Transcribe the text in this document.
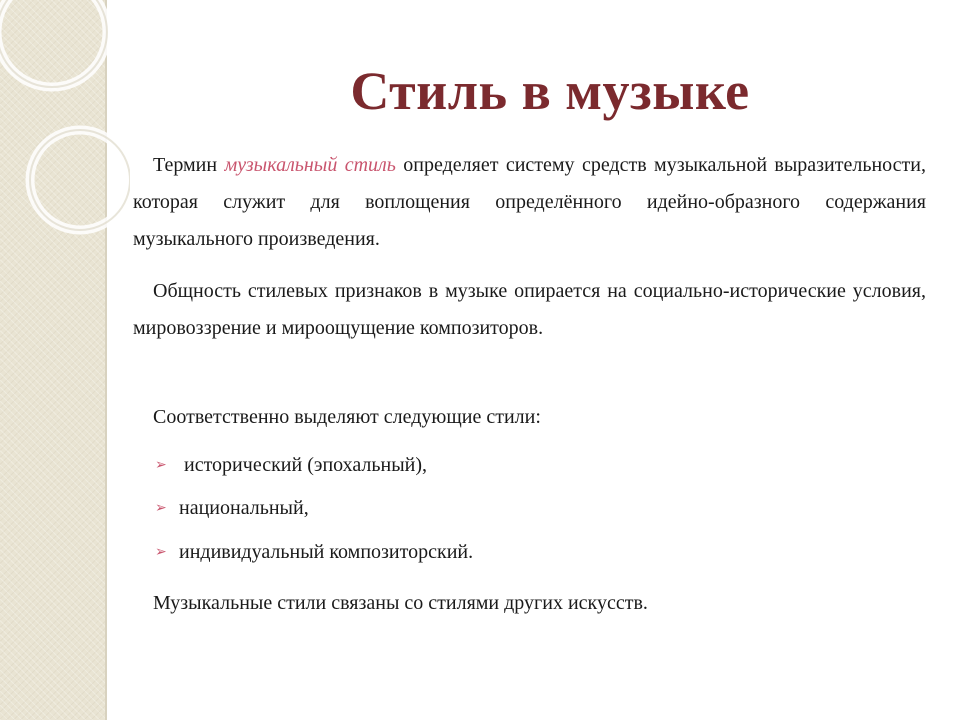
Стиль в музыке

Термин музыкальный стиль определяет систему средств музыкальной выразительности, которая служит для воплощения определённого идейно-образного содержания музыкального произведения.

Общность стилевых признаков в музыке опирается на социально-исторические условия, мировоззрение и мироощущение композиторов.

Соответственно выделяют следующие стили:

➢ исторический (эпохальный),

➢ национальный,

➢ индивидуальный композиторский.

Музыкальные стили связаны со стилями других искусств.
